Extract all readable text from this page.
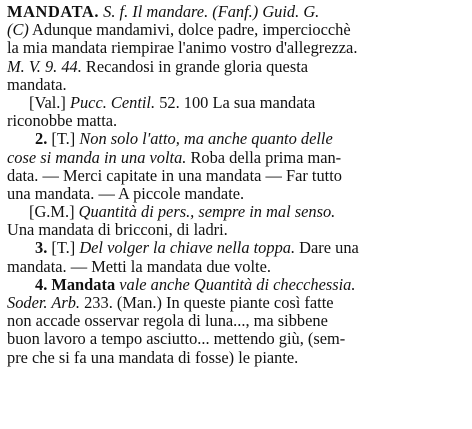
MANDATA. S. f. Il mandare. (Fanf.) Guid. G.
(C) Adunque mandamivi, dolce padre, imperciocchè
la mia mandata riempirae l'animo vostro d'allegrezza.
M. V. 9. 44. Recandosi in grande gloria questa
mandata.
[Val.] Pucc. Centil. 52. 100 La sua mandata
riconobbe matta.
2. [T.] Non solo l'atto, ma anche quanto delle
cose si manda in una volta. Roba della prima man-
data. — Merci capitate in una mandata — Far tutto
una mandata. — A piccole mandate.
[G.M.] Quantità di pers., sempre in mal senso.
Una mandata di bricconi, di ladri.
3. [T.] Del volger la chiave nella toppa. Dare una
mandata. — Metti la mandata due volte.
4. Mandata vale anche Quantità di checchessia.
Soder. Arb. 233. (Man.) In queste piante così fatte
non accade osservar regola di luna..., ma sibbene
buon lavoro a tempo asciutto... mettendo giù, (sem-
pre che si fa una mandata di fosse) le piante.
